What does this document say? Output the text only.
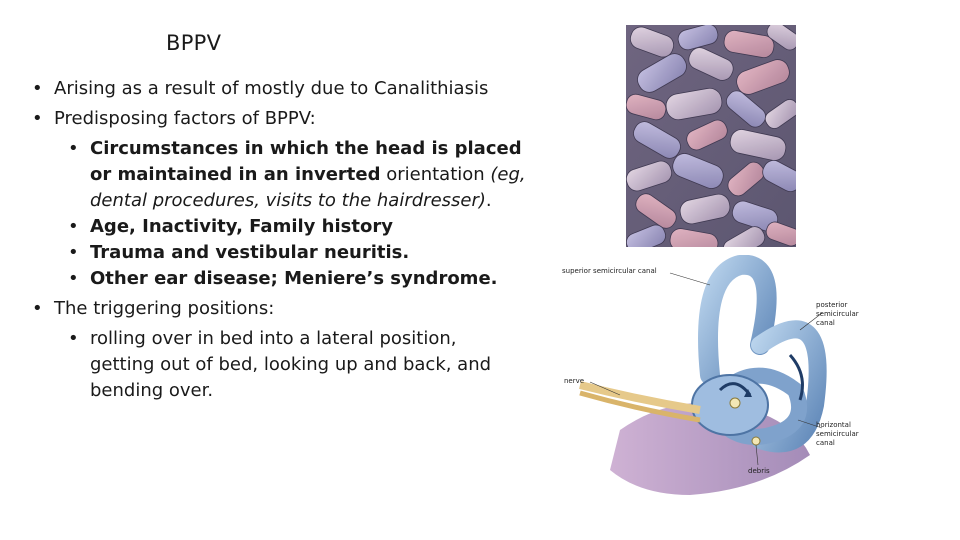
BPPV
• Arising as a result of mostly due to Canalithiasis
• Predisposing factors of BPPV:
• Circumstances in which the head is placed or maintained in an inverted orientation (eg, dental procedures, visits to the hairdresser).

• Age, Inactivity, Family history
• Trauma and vestibular neuritis.
• Other ear disease; Meniere’s syndrome.
• The triggering positions:
• rolling over in bed into a lateral position, getting out of bed, looking up and back, and bending over.
superior semicircular canal
posterior
semicircular
canal
nerve
horizontal
semicircular
canal
debris
